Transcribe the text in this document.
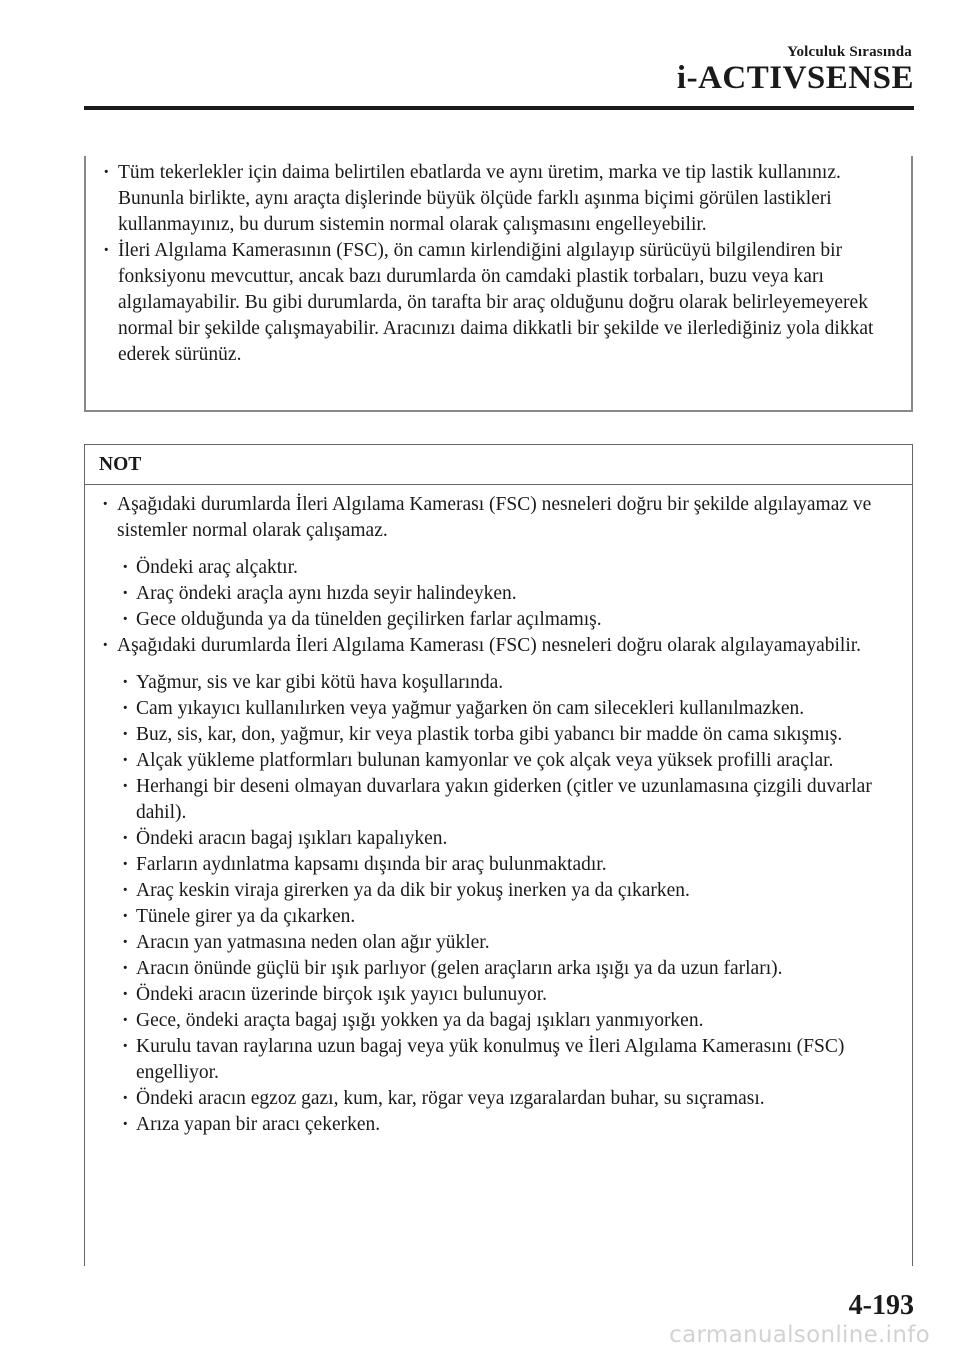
Yolculuk Sırasında
i-ACTIVSENSE
· Tüm tekerlekler için daima belirtilen ebatlarda ve aynı üretim, marka ve tip lastik kullanınız. Bununla birlikte, aynı araçta dişlerinde büyük ölçüde farklı aşınma biçimi görülen lastikleri kullanmayınız, bu durum sistemin normal olarak çalışmasını engelleyebilir.
· İleri Algılama Kamerasının (FSC), ön camın kirlendiğini algılayıp sürücüyü bilgilendiren bir fonksiyonu mevcuttur, ancak bazı durumlarda ön camdaki plastik torbaları, buzu veya karı algılamayabilir. Bu gibi durumlarda, ön tarafta bir araç olduğunu doğru olarak belirleyemeyerek normal bir şekilde çalışmayabilir. Aracınızı daima dikkatli bir şekilde ve ilerlediğiniz yola dikkat ederek sürünüz.
NOT
· Aşağıdaki durumlarda İleri Algılama Kamerası (FSC) nesneleri doğru bir şekilde algılayamaz ve sistemler normal olarak çalışamaz.
· Öndeki araç alçaktır.
· Araç öndeki araçla aynı hızda seyir halindeyken.
· Gece olduğunda ya da tünelden geçilirken farlar açılmamış.
· Aşağıdaki durumlarda İleri Algılama Kamerası (FSC) nesneleri doğru olarak algılayamayabilir.
· Yağmur, sis ve kar gibi kötü hava koşullarında.
· Cam yıkayıcı kullanılırken veya yağmur yağarken ön cam silecekleri kullanılmazken.
· Buz, sis, kar, don, yağmur, kir veya plastik torba gibi yabancı bir madde ön cama sıkışmış.
· Alçak yükleme platformları bulunan kamyonlar ve çok alçak veya yüksek profilli araçlar.
· Herhangi bir deseni olmayan duvarlara yakın giderken (çitler ve uzunlamasına çizgili duvarlar dahil).
· Öndeki aracın bagaj ışıkları kapalıyken.
· Farların aydınlatma kapsamı dışında bir araç bulunmaktadır.
· Araç keskin viraja girerken ya da dik bir yokuş inerken ya da çıkarken.
· Tünele girer ya da çıkarken.
· Aracın yan yatmasına neden olan ağır yükler.
· Aracın önünde güçlü bir ışık parlıyor (gelen araçların arka ışığı ya da uzun farları).
· Öndeki aracın üzerinde birçok ışık yayıcı bulunuyor.
· Gece, öndeki araçta bagaj ışığı yokken ya da bagaj ışıkları yanmıyorken.
· Kurulu tavan raylarına uzun bagaj veya yük konulmuş ve İleri Algılama Kamerasını (FSC) engelliyor.
· Öndeki aracın egzoz gazı, kum, kar, rögar veya ızgaralardan buhar, su sıçraması.
· Arıza yapan bir aracı çekerken.
4-193
carmanualsonline.info
